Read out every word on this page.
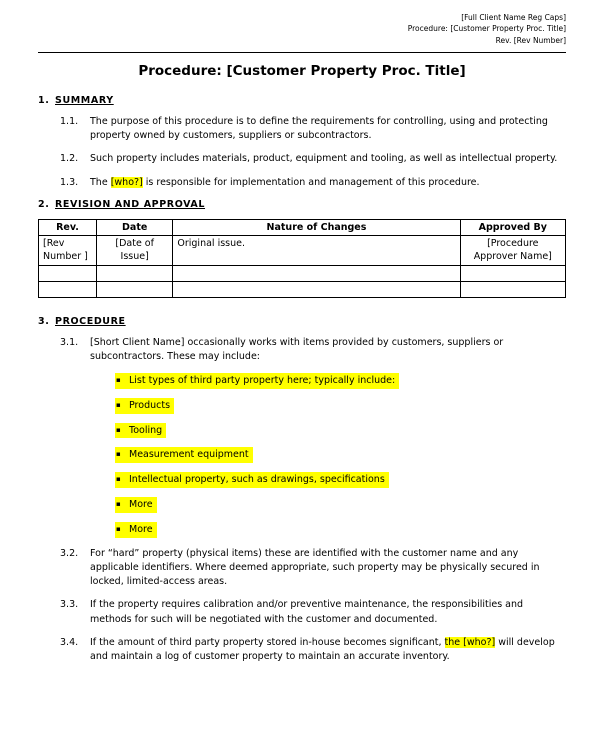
[Full Client Name Reg Caps]
Procedure: [Customer Property Proc. Title]
Rev. [Rev Number]
Procedure: [Customer Property Proc. Title]
1. SUMMARY
1.1.	The purpose of this procedure is to define the requirements for controlling, using and protecting property owned by customers, suppliers or subcontractors.
1.2.	Such property includes materials, product, equipment and tooling, as well as intellectual property.
1.3.	The [who?] is responsible for implementation and management of this procedure.
2. REVISION AND APPROVAL
Rev.	Date	Nature of Changes	Approved By
[Rev Number ]	[Date of Issue]	Original issue.	[Procedure Approver Name]

3. PROCEDURE
3.1.	[Short Client Name] occasionally works with items provided by customers, suppliers or subcontractors. These may include:
▪ List types of third party property here; typically include:
▪ Products
▪ Tooling
▪ Measurement equipment
▪ Intellectual property, such as drawings, specifications
▪ More
▪ More
3.2.	For “hard” property (physical items) these are identified with the customer name and any applicable identifiers. Where deemed appropriate, such property may be physically secured in locked, limited-access areas.
3.3.	If the property requires calibration and/or preventive maintenance, the responsibilities and methods for such will be negotiated with the customer and documented.
3.4.	If the amount of third party property stored in-house becomes significant, the [who?] will develop and maintain a log of customer property to maintain an accurate inventory.
